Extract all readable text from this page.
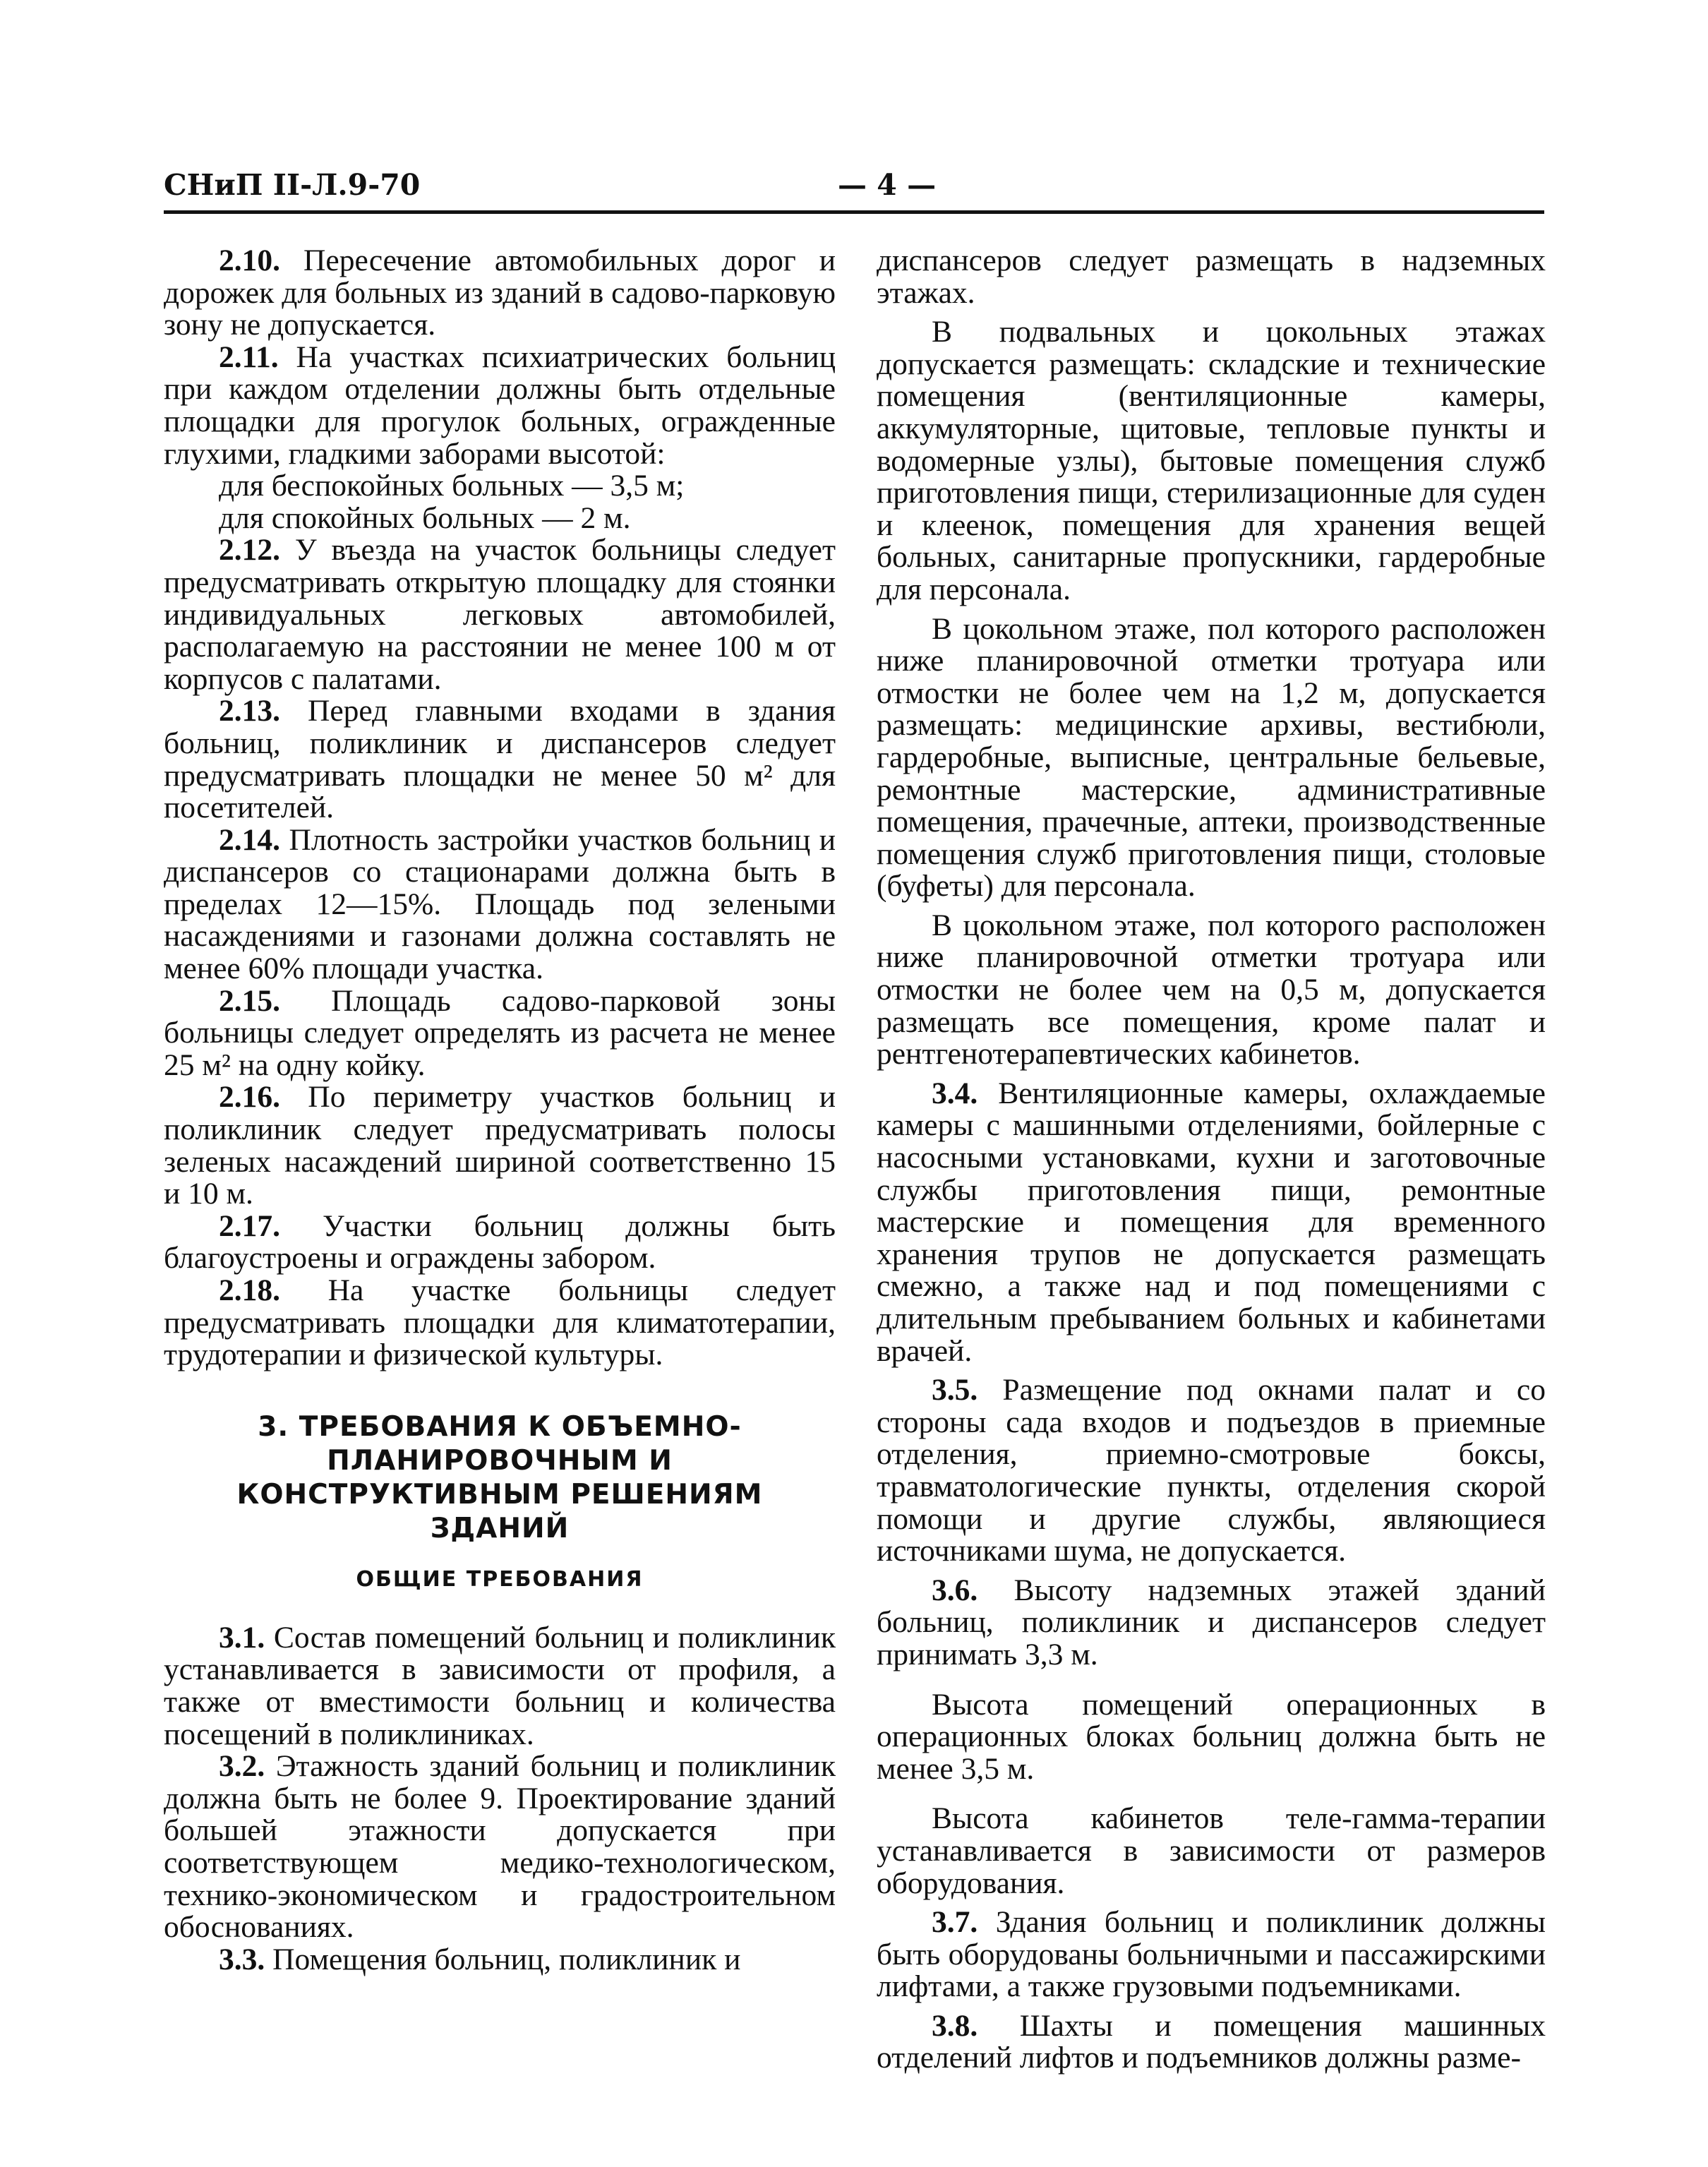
СНиП II-Л.9-70	— 4 —

2.10. Пересечение автомобильных дорог и дорожек для больных из зданий в садово-парковую зону не допускается.

2.11. На участках психиатрических больниц при каждом отделении должны быть отдельные площадки для прогулок больных, огражденные глухими, гладкими заборами высотой:

для беспокойных больных — 3,5 м;

для спокойных больных — 2 м.

2.12. У въезда на участок больницы следует предусматривать открытую площадку для стоянки индивидуальных легковых автомобилей, располагаемую на расстоянии не менее 100 м от корпусов с палатами.

2.13. Перед главными входами в здания больниц, поликлиник и диспансеров следует предусматривать площадки не менее 50 м² для посетителей.

2.14. Плотность застройки участков больниц и диспансеров со стационарами должна быть в пределах 12—15%. Площадь под зелеными насаждениями и газонами должна составлять не менее 60% площади участка.

2.15. Площадь садово-парковой зоны больницы следует определять из расчета не менее 25 м² на одну койку.

2.16. По периметру участков больниц и поликлиник следует предусматривать полосы зеленых насаждений шириной соответственно 15 и 10 м.

2.17. Участки больниц должны быть благоустроены и ограждены забором.

2.18. На участке больницы следует предусматривать площадки для климатотерапии, трудотерапии и физической культуры.

3. ТРЕБОВАНИЯ К ОБЪЕМНО-ПЛАНИРОВОЧНЫМ И КОНСТРУКТИВНЫМ РЕШЕНИЯМ ЗДАНИЙ
ОБЩИЕ ТРЕБОВАНИЯ

3.1. Состав помещений больниц и поликлиник устанавливается в зависимости от профиля, а также от вместимости больниц и количества посещений в поликлиниках.

3.2. Этажность зданий больниц и поликлиник должна быть не более 9. Проектирование зданий большей этажности допускается при соответствующем медико-технологическом, технико-экономическом и градостроительном обоснованиях.

3.3. Помещения больниц, поликлиник и

диспансеров следует размещать в надземных этажах.

В подвальных и цокольных этажах допускается размещать: складские и технические помещения (вентиляционные камеры, аккумуляторные, щитовые, тепловые пункты и водомерные узлы), бытовые помещения служб приготовления пищи, стерилизационные для суден и клеенок, помещения для хранения вещей больных, санитарные пропускники, гардеробные для персонала.

В цокольном этаже, пол которого расположен ниже планировочной отметки тротуара или отмостки не более чем на 1,2 м, допускается размещать: медицинские архивы, вестибюли, гардеробные, выписные, центральные бельевые, ремонтные мастерские, административные помещения, прачечные, аптеки, производственные помещения служб приготовления пищи, столовые (буфеты) для персонала.

В цокольном этаже, пол которого расположен ниже планировочной отметки тротуара или отмостки не более чем на 0,5 м, допускается размещать все помещения, кроме палат и рентгенотерапевтических кабинетов.

3.4. Вентиляционные камеры, охлаждаемые камеры с машинными отделениями, бойлерные с насосными установками, кухни и заготовочные службы приготовления пищи, ремонтные мастерские и помещения для временного хранения трупов не допускается размещать смежно, а также над и под помещениями с длительным пребыванием больных и кабинетами врачей.

3.5. Размещение под окнами палат и со стороны сада входов и подъездов в приемные отделения, приемно-смотровые боксы, травматологические пункты, отделения скорой помощи и другие службы, являющиеся источниками шума, не допускается.

3.6. Высоту надземных этажей зданий больниц, поликлиник и диспансеров следует принимать 3,3 м.

Высота помещений операционных в операционных блоках больниц должна быть не менее 3,5 м.

Высота кабинетов теле-гамма-терапии устанавливается в зависимости от размеров оборудования.

3.7. Здания больниц и поликлиник должны быть оборудованы больничными и пассажирскими лифтами, а также грузовыми подъемниками.

3.8. Шахты и помещения машинных отделений лифтов и подъемников должны разме-
